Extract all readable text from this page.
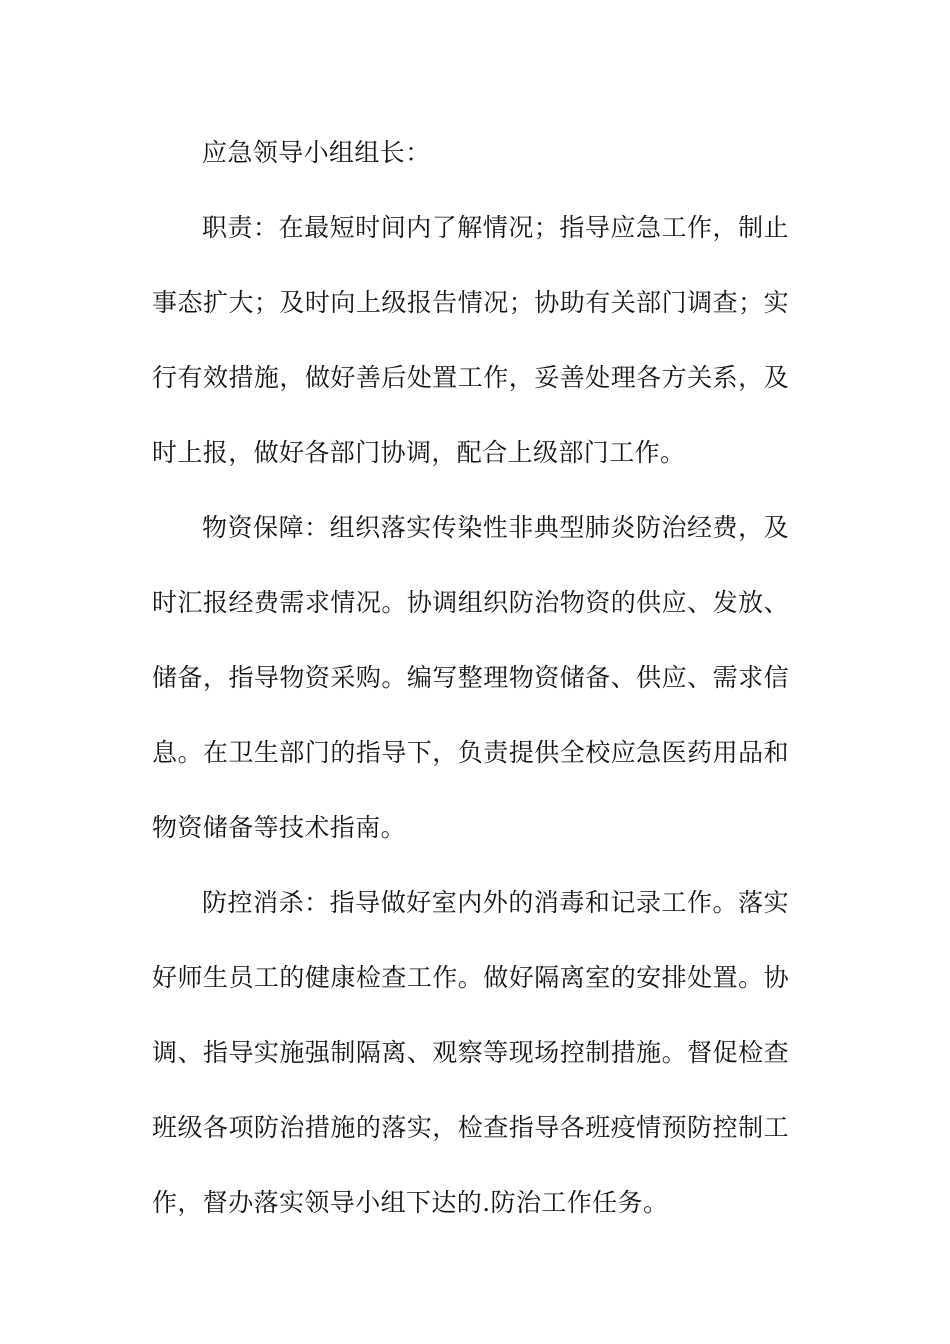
应急领导小组组长：

职责：在最短时间内了解情况；指导应急工作，制止事态扩大；及时向上级报告情况；协助有关部门调查；实行有效措施，做好善后处置工作，妥善处理各方关系，及时上报，做好各部门协调，配合上级部门工作。

物资保障：组织落实传染性非典型肺炎防治经费，及时汇报经费需求情况。协调组织防治物资的供应、发放、储备，指导物资采购。编写整理物资储备、供应、需求信息。在卫生部门的指导下，负责提供全校应急医药用品和物资储备等技术指南。

防控消杀：指导做好室内外的消毒和记录工作。落实好师生员工的健康检查工作。做好隔离室的安排处置。协调、指导实施强制隔离、观察等现场控制措施。督促检查班级各项防治措施的落实，检查指导各班疫情预防控制工作，督办落实领导小组下达的.防治工作任务。
